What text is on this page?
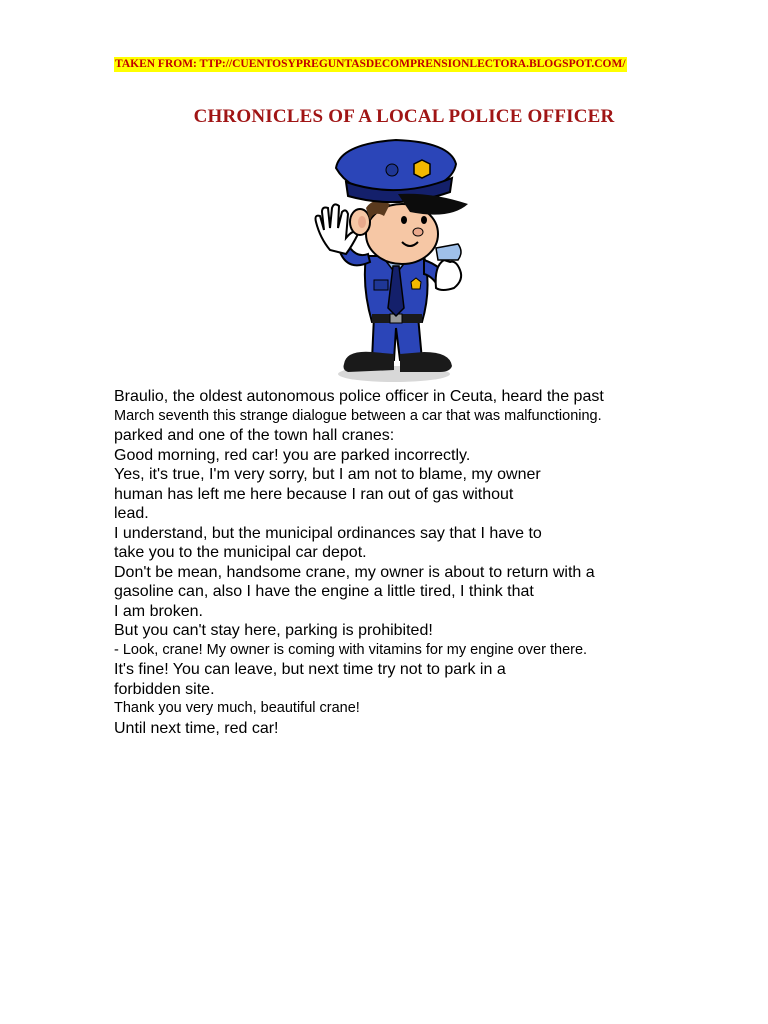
TAKEN FROM: TTP://CUENTOSYPREGUNTASDECOMPRENSIONLECTORA.BLOGSPOT.COM/
CHRONICLES OF A LOCAL POLICE OFFICER

Braulio, the oldest autonomous police officer in Ceuta, heard the past

March seventh this strange dialogue between a car that was malfunctioning.

parked and one of the town hall cranes:

Good morning, red car! you are parked incorrectly.

Yes, it's true, I'm very sorry, but I am not to blame, my owner

human has left me here because I ran out of gas without

lead.

I understand, but the municipal ordinances say that I have to

take you to the municipal car depot.

Don't be mean, handsome crane, my owner is about to return with a

gasoline can, also I have the engine a little tired, I think that

I am broken.

But you can't stay here, parking is prohibited!

- Look, crane! My owner is coming with vitamins for my engine over there.

It's fine! You can leave, but next time try not to park in a

forbidden site.

Thank you very much, beautiful crane!

Until next time, red car!
